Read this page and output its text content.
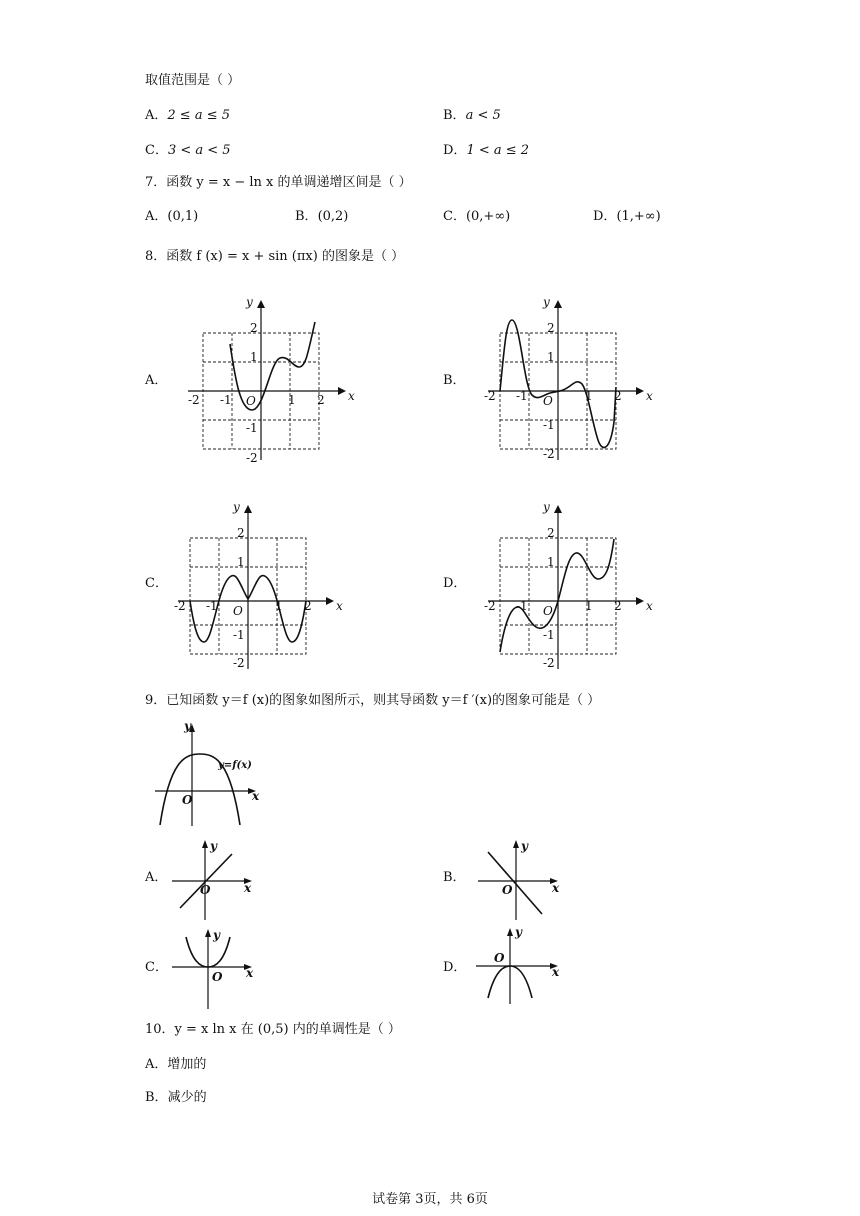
取值范围是（ ）
A．2 ≤ a ≤ 5	B．a < 5
C．3 < a < 5	D．1 < a ≤ 2
7．函数 y = x − ln x 的单调递增区间是（ ）
A．(0,1)	B．(0,2)	C．(0,+∞)	D．(1,+∞)
8．函数 f (x) = x + sin (πx) 的图象是（ ）
A．	B．
C．	D．
y
x
O
-2 -1	1 2
2
1
-1
-2
y
x
O
-2 -1	1 2
2
1
-1
-2
y
x
O
-2 -1	1 2
2
1
-1
-2
y
x
O
-2 -1	1 2
2
1
-1
-2
9．已知函数 y＝f (x)的图象如图所示，则其导函数 y＝f ′(x)的图象可能是（ ）
y
x
O
y=f(x)
A．	B．
C．	D．
y
x
O
y
x
O
y
x
O
y
x
O
10．y = x ln x 在 (0,5) 内的单调性是（ ）
A．增加的
B．减少的
试卷第 3页，共 6页
